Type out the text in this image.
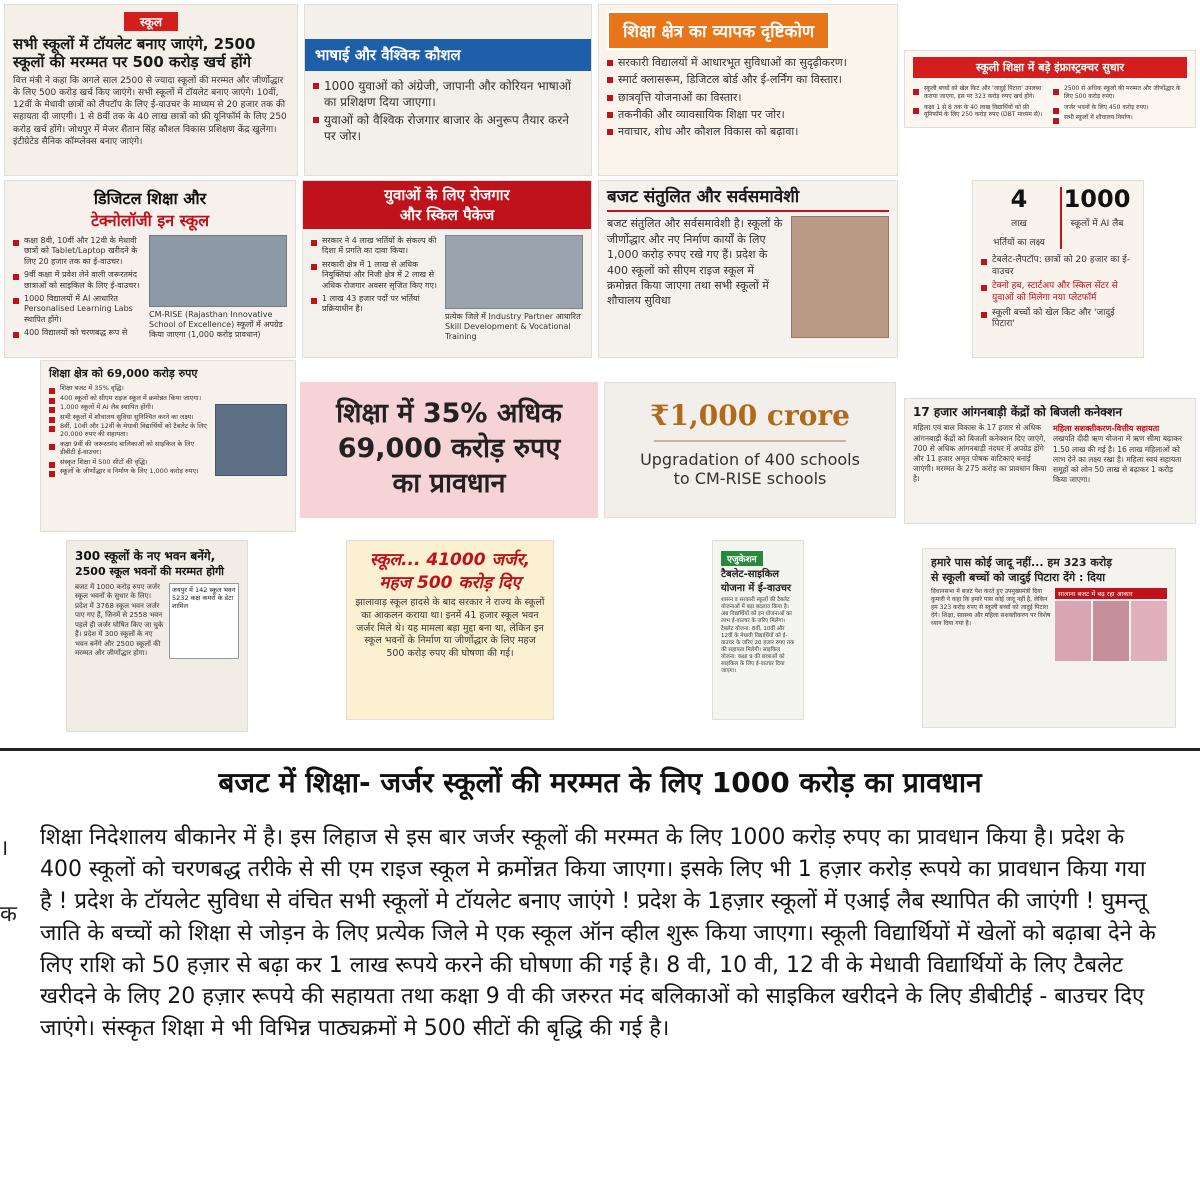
स्कूल
सभी स्कूलों में टॉयलेट बनाए जाएंगे, 2500 स्कूलों की मरम्मत पर 500 करोड़ खर्च होंगे

वित्त मंत्री ने कहा कि अगले साल 2500 से ज्यादा स्कूलों की मरम्मत और जीर्णोद्धार के लिए 500 करोड़ खर्च किए जाएंगे। सभी स्कूलों में टॉयलेट बनाए जाएंगे। 10वीं, 12वीं के मेधावी छात्रों को लैपटॉप के लिए ई-वाउचर के माध्यम से 20 हजार तक की सहायता दी जाएगी। 1 से 8वीं तक के 40 लाख छात्रों को फ्री यूनिफॉर्म के लिए 250 करोड़ खर्च होंगे। जोधपुर में मेजर शैतान सिंह कौशल विकास प्रशिक्षण केंद्र खुलेगा। इंटीग्रेटेड सैनिक कॉम्प्लेक्स बनाए जाएंगे।

भाषाई और वैश्विक कौशल
1000 युवाओं को अंग्रेजी, जापानी और कोरियन भाषाओं का प्रशिक्षण दिया जाएगा।
युवाओं को वैश्विक रोजगार बाजार के अनुरूप तैयार करने पर जोर।
शिक्षा क्षेत्र का व्यापक दृष्टिकोण
सरकारी विद्यालयों में आधारभूत सुविधाओं का सुदृढ़ीकरण।
स्मार्ट क्लासरूम, डिजिटल बोर्ड और ई-लर्निंग का विस्तार।
छात्रवृत्ति योजनाओं का विस्तार।
तकनीकी और व्यावसायिक शिक्षा पर जोर।
नवाचार, शोध और कौशल विकास को बढ़ावा।
स्कूली शिक्षा में बड़े इंफ्रास्ट्रक्चर सुधार
स्कूली बच्चों को खेल किट और 'जादुई पिटारा' उपलब्ध कराया जाएगा, इस पर 323 करोड़ रुपए खर्च होंगे।
कक्षा 1 से 8 तक के 40 लाख विद्यार्थियों को फ्री यूनिफॉर्म के लिए 250 करोड़ रुपए (DBT माध्यम से)।
2500 से अधिक स्कूलों की मरम्मत और जीर्णोद्धार के लिए 500 करोड़ रुपए।
जर्जर भवनों के लिए 450 करोड़ रुपए।
सभी स्कूलों में शौचालय निर्माण।
डिजिटल शिक्षा और
टेक्नोलॉजी इन स्कूल
कक्षा 8वी, 10वीं और 12वी के मेधावी छात्रों को Tablet/Laptop खरीदने के लिए 20 हजार तक का ई-वाउचर।
9वीं कक्षा में प्रवेश लेने वाली जरूरतमंद छात्राओं को साइकिल के लिए ई-वाउचर।
1000 विद्यालयों में AI आधारित Personalised Learning Labs स्थापित होंगे।
400 विद्यालयों को चरणबद्ध रूप से
CM-RISE (Rajasthan Innovative School of Excellence) स्कूलों में अपग्रेड किया जाएगा (1,000 करोड़ प्रावधान)
युवाओं के लिए रोजगार
और स्किल पैकेज
सरकार ने 4 लाख भर्तियों के संकल्प की दिशा में प्रगति का दावा किया।
सरकारी क्षेत्र में 1 लाख से अधिक नियुक्तियां और निजी क्षेत्र में 2 लाख से अधिक रोजगार अवसर सृजित किए गए।
1 लाख 43 हजार पदों पर भर्तियां प्रक्रियाधीन है।
प्रत्येक जिले में Industry Partner आधारित Skill Development & Vocational Training
बजट संतुलित और सर्वसमावेशी

बजट संतुलित और सर्वसमावेशी है। स्कूलों के जीर्णोद्धार और नए निर्माण कार्यों के लिए 1,000 करोड़ रुपए रखे गए हैं। प्रदेश के 400 स्कूलों को सीएम राइज स्कूल में क्रमोन्नत किया जाएगा तथा सभी स्कूलों में शौचालय सुविधा

4
लाख
भर्तियों का लक्ष्य
1000
स्कूलों में AI लैब
टेबलेट-लैपटॉप: छात्रों को 20 हजार का ई-वाउचर
टेक्नो हब, स्टार्टअप और स्किल सेंटर से युवाओं को मिलेगा नया प्लेटफॉर्म
स्कूली बच्चों को खेल किट और 'जादुई पिटारा'
शिक्षा क्षेत्र को 69,000 करोड़ रुपए
शिक्षा बजट में 35% वृद्धि।
400 स्कूलों को सीएम राइज स्कूल में क्रमोन्नत किया जाएगा।
1,000 स्कूलों में AI लैब स्थापित होंगी।
सभी स्कूलों में शौचालय सुविधा सुनिश्चित करने का लक्ष्य।
8वीं, 10वीं और 12वीं के मेधावी विद्यार्थियों को टैबलेट के लिए 20,000 रुपए की सहायता।
कक्षा 9वीं की जरूरतमंद बालिकाओं को साइकिल के लिए डीबीटी ई-वाउचर।
संस्कृत शिक्षा में 500 सीटों की वृद्धि।
स्कूलों के जीर्णोद्धार व निर्माण के लिए 1,000 करोड़ रुपए।
शिक्षा में 35% अधिक
69,000 करोड़ रुपए
का प्रावधान
₹1,000 crore
Upgradation of 400 schools
to CM-RISE schools
17 हजार आंगनबाड़ी केंद्रों को बिजली कनेक्शन

महिला एवं बाल विकास के 17 हजार से अधिक आंगनबाड़ी केंद्रों को बिजली कनेक्शन दिए जाएंगे, 700 से अधिक आंगनबाड़ी नंदघर में अपग्रेड होंगे और 11 हजार अमृत पोषक वाटिकाएं बनाई जाएंगी। मरम्मत के 275 करोड़ का प्रावधान किया है।

महिला सशक्तीकरण-वित्तीय सहायता

लखपति दीदी ऋण योजना में ऋण सीमा बढ़ाकर 1.50 लाख की गई है। 16 लाख महिलाओं को लाभ देने का लक्ष्य रखा है। महिला स्वयं सहायता समूहों को लोन 50 लाख से बढ़ाकर 1 करोड़ किया जाएगा।

300 स्कूलों के नए भवन बनेंगे,
2500 स्कूल भवनों की मरम्मत होगी

बजट में 1000 करोड़ रुपए जर्जर स्कूल भवनों के सुधार के लिए। प्रदेश में 3768 स्कूल भवन जर्जर पाए गए हैं, जिनमें से 2558 भवन पहले ही जर्जर घोषित किए जा चुके हैं। प्रदेश में 300 स्कूलों के नए भवन बनेंगे और 2500 स्कूलों की मरम्मत और जीर्णोद्धार होगा।

जयपुर में 142 स्कूल भवन 5232 कक्ष कमरों के डेटा शामिल
स्कूल... 41000 जर्जर,
महज 500 करोड़ दिए

झालावाड़ स्कूल हादसे के बाद सरकार ने राज्य के स्कूलों का आकलन कराया था। इनमें 41 हजार स्कूल भवन जर्जर मिले थे। यह मामला बड़ा मुद्दा बना था, लेकिन इन स्कूल भवनों के निर्माण या जीर्णोद्धार के लिए महज 500 करोड़ रुपए की घोषणा की गई।

एजुकेशन
टैबलेट-साइकिल
योजना में ई-वाउचर

शासन व सरकारी स्कूलों की टैबलेट योजनाओं में बड़ा बदलाव किया है। अब विद्यार्थियों को इन योजनाओं का लाभ ई-वाउचर के जरिए मिलेगा। टैबलेट योजना: 8वीं, 10वीं और 12वीं के मेधावी विद्यार्थियों को ई-वाउचर के जरिए 20 हजार रुपए तक की सहायता मिलेगी। साइकिल योजना: कक्षा 9 की छात्राओं को साइकिल के लिए ई-वाउचर दिया जाएगा।

हमारे पास कोई जादू नहीं... हम 323 करोड़
से स्कूली बच्चों को जादुई पिटारा देंगे : दिया

विधानसभा में बजट पेश करते हुए उपमुख्यमंत्री दिया कुमारी ने कहा कि हमारे पास कोई जादू नहीं है, लेकिन हम 323 करोड़ रुपए से स्कूली बच्चों को जादुई पिटारा देंगे। शिक्षा, स्वास्थ्य और महिला सशक्तीकरण पर विशेष ध्यान दिया गया है।

सालाना बजट में बढ़ रहा आकार
बजट में शिक्षा- जर्जर स्कूलों की मरम्मत के लिए 1000 करोड़ का प्रावधान
।
क

शिक्षा निदेशालय बीकानेर में है। इस लिहाज से इस बार जर्जर स्कूलों की मरम्मत के लिए 1000 करोड़ रुपए का प्रावधान किया है। प्रदेश के 400 स्कूलों को चरणबद्ध तरीके से सी एम राइज स्कूल मे क्रमोंन्नत किया जाएगा। इसके लिए भी 1 हज़ार करोड़ रूपये का प्रावधान किया गया है ! प्रदेश के टॉयलेट सुविधा से वंचित सभी स्कूलों मे टॉयलेट बनाए जाएंगे ! प्रदेश के 1हज़ार स्कूलों में एआई लैब स्थापित की जाएंगी ! घुमन्तू जाति के बच्चों को शिक्षा से जोड़न के लिए प्रत्येक जिले मे एक स्कूल ऑन व्हील शुरू किया जाएगा। स्कूली विद्यार्थियों में खेलों को बढ़ाबा देने के लिए राशि को 50 हज़ार से बढ़ा कर 1 लाख रूपये करने की घोषणा की गई है। 8 वी, 10 वी, 12 वी के मेधावी विद्यार्थियों के लिए टैबलेट खरीदने के लिए 20 हज़ार रूपये की सहायता तथा कक्षा 9 वी की जरुरत मंद बलिकाओं को साइकिल खरीदने के लिए डीबीटीई - बाउचर दिए जाएंगे। संस्कृत शिक्षा मे भी विभिन्न पाठ्यक्रमों मे 500 सीटों की बृद्धि की गई है।
